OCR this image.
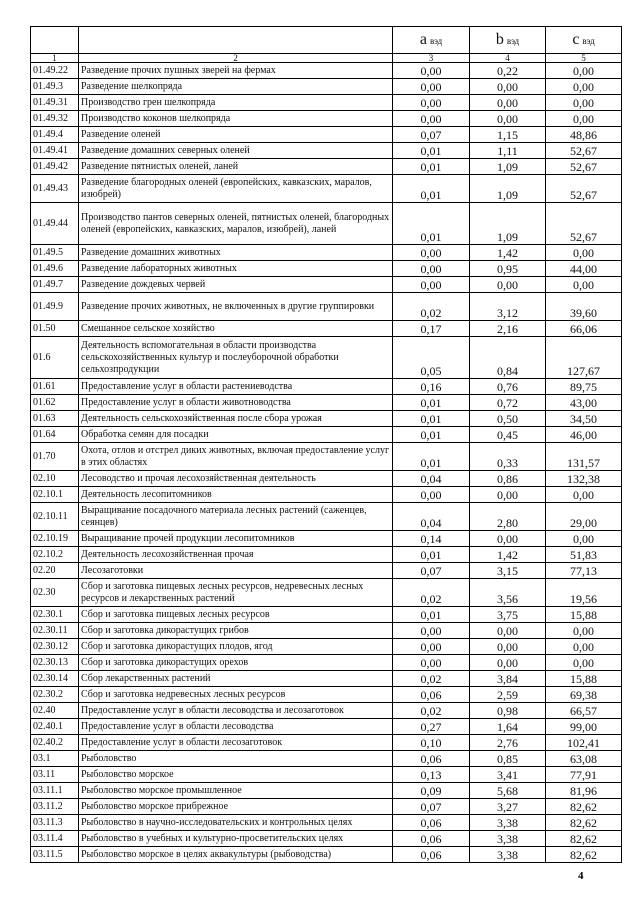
		a вэд	b вэд	c вэд
1	2	3	4	5
01.49.22	Разведение прочих пушных зверей на фермах	0,00	0,22	0,00
01.49.3	Разведение шелкопряда	0,00	0,00	0,00
01.49.31	Производство грен шелкопряда	0,00	0,00	0,00
01.49.32	Производство коконов шелкопряда	0,00	0,00	0,00
01.49.4	Разведение оленей	0,07	1,15	48,86
01.49.41	Разведение домашних северных оленей	0,01	1,11	52,67
01.49.42	Разведение пятнистых оленей, ланей	0,01	1,09	52,67
01.49.43	Разведение благородных оленей (европейских, кавказских, маралов, изюбрей)	0,01	1,09	52,67
01.49.44	Производство пантов северных оленей, пятнистых оленей, благородных оленей (европейских, кавказских, маралов, изюбрей), ланей	0,01	1,09	52,67
01.49.5	Разведение домашних животных	0,00	1,42	0,00
01.49.6	Разведение лабораторных животных	0,00	0,95	44,00
01.49.7	Разведение дождевых червей	0,00	0,00	0,00
01.49.9	Разведение прочих животных, не включенных в другие группировки	0,02	3,12	39,60
01.50	Смешанное сельское хозяйство	0,17	2,16	66,06
01.6	Деятельность вспомогательная в области производства сельскохозяйственных культур и послеуборочной обработки сельхозпродукции	0,05	0,84	127,67
01.61	Предоставление услуг в области растениеводства	0,16	0,76	89,75
01.62	Предоставление услуг в области животноводства	0,01	0,72	43,00
01.63	Деятельность сельскохозяйственная после сбора урожая	0,01	0,50	34,50
01.64	Обработка семян для посадки	0,01	0,45	46,00
01.70	Охота, отлов и отстрел диких животных, включая предоставление услуг в этих областях	0,01	0,33	131,57
02.10	Лесоводство и прочая лесохозяйственная деятельность	0,04	0,86	132,38
02.10.1	Деятельность лесопитомников	0,00	0,00	0,00
02.10.11	Выращивание посадочного материала лесных растений (саженцев, сеянцев)	0,04	2,80	29,00
02.10.19	Выращивание прочей продукции лесопитомников	0,14	0,00	0,00
02.10.2	Деятельность лесохозяйственная прочая	0,01	1,42	51,83
02.20	Лесозаготовки	0,07	3,15	77,13
02.30	Сбор и заготовка пищевых лесных ресурсов, недревесных лесных ресурсов и лекарственных растений	0,02	3,56	19,56
02.30.1	Сбор и заготовка пищевых лесных ресурсов	0,01	3,75	15,88
02.30.11	Сбор и заготовка дикорастущих грибов	0,00	0,00	0,00
02.30.12	Сбор и заготовка дикорастущих плодов, ягод	0,00	0,00	0,00
02.30.13	Сбор и заготовка дикорастущих орехов	0,00	0,00	0,00
02.30.14	Сбор лекарственных растений	0,02	3,84	15,88
02.30.2	Сбор и заготовка недревесных лесных ресурсов	0,06	2,59	69,38
02.40	Предоставление услуг в области лесоводства и лесозаготовок	0,02	0,98	66,57
02.40.1	Предоставление услуг в области лесоводства	0,27	1,64	99,00
02.40.2	Предоставление услуг в области лесозаготовок	0,10	2,76	102,41
03.1	Рыболовство	0,06	0,85	63,08
03.11	Рыболовство морское	0,13	3,41	77,91
03.11.1	Рыболовство морское промышленное	0,09	5,68	81,96
03.11.2	Рыболовство морское прибрежное	0,07	3,27	82,62
03.11.3	Рыболовство в научно-исследовательских и контрольных целях	0,06	3,38	82,62
03.11.4	Рыболовство в учебных и культурно-просветительских целях	0,06	3,38	82,62
03.11.5	Рыболовство морское в целях аквакультуры (рыбоводства)	0,06	3,38	82,62
4
